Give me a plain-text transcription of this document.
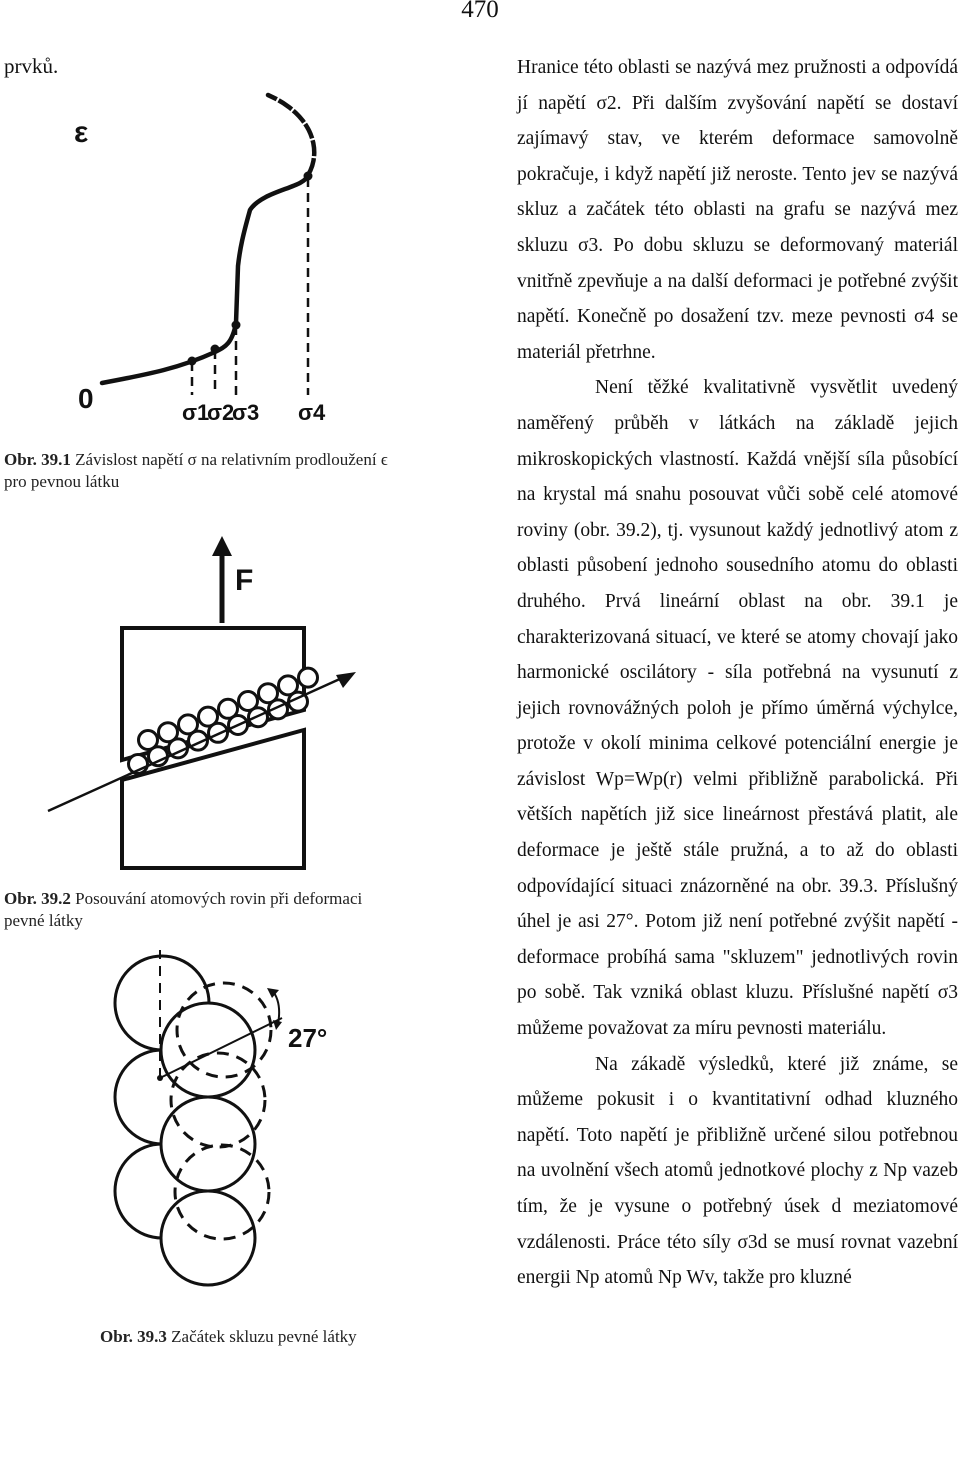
470
prvků.
ε
0	σ1
σ2
σ3 σ4
Obr. 39.1 Závislost napětí σ na relativním prodloužení ϵ pro pevnou látku
F
Obr. 39.2 Posouvání atomových rovin při deformaci pevné látky
27°
Obr. 39.3 Začátek skluzu pevné látky

Hranice této oblasti se nazývá mez pružnosti a odpovídá jí napětí σ2. Při dalším zvyšování napětí se dostaví zajímavý stav, ve kterém deformace samovolně pokračuje, i když napětí již neroste. Tento jev se nazývá skluz a začátek této oblasti na grafu se nazývá mez skluzu σ3. Po dobu skluzu se deformovaný materiál vnitřně zpevňuje a na další deformaci je potřebné zvýšit napětí. Konečně po dosažení tzv. meze pevnosti σ4 se materiál přetrhne.

Není těžké kvalitativně vysvětlit uvedený naměřený průběh v látkách na základě jejich mikroskopických vlastností. Každá vnější síla působící na krystal má snahu posouvat vůči sobě celé atomové roviny (obr. 39.2), tj. vysunout každý jednotlivý atom z oblasti působení jednoho sousedního atomu do oblasti druhého. Prvá lineární oblast na obr. 39.1 je charakterizovaná situací, ve které se atomy chovají jako harmonické oscilátory - síla potřebná na vysunutí z jejich rovnovážných poloh je přímo úměrná výchylce, protože v okolí minima celkové potenciální energie je závislost Wp=Wp(r) velmi přibližně parabolická. Při větších napětích již sice lineárnost přestává platit, ale deformace je ještě stále pružná, a to až do oblasti odpovídající situaci znázorněné na obr. 39.3. Příslušný úhel je asi 27°. Potom již není potřebné zvýšit napětí - deformace probíhá sama "skluzem" jednotlivých rovin po sobě. Tak vzniká oblast kluzu. Příslušné napětí σ3 můžeme považovat za míru pevnosti materiálu.

Na zákadě výsledků, které již známe, se můžeme pokusit i o kvantitativní odhad kluzného napětí. Toto napětí je přibližně určené silou potřebnou na uvolnění všech atomů jednotkové plochy z Np vazeb tím, že je vysune o potřebný úsek d meziatomové vzdálenosti. Práce této síly σ3d se musí rovnat vazební energii Np atomů Np Wv, takže pro kluzné
